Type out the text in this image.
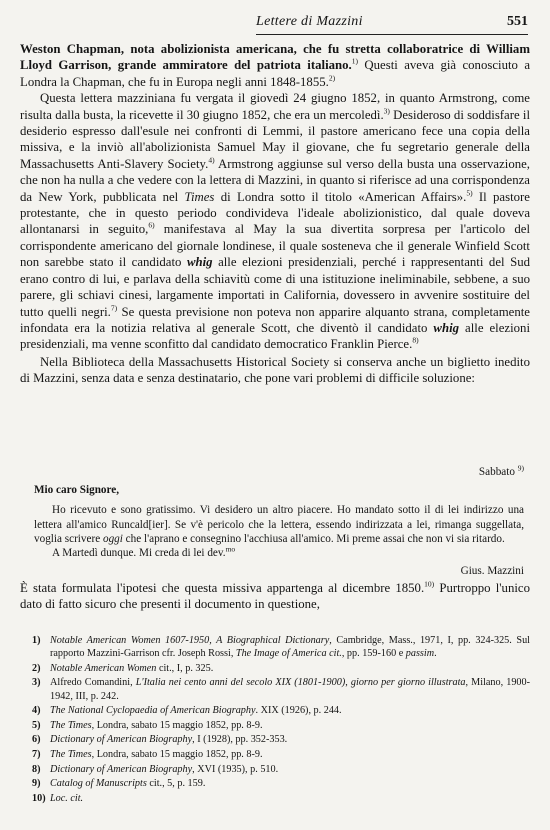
Lettere di Mazzini	551

Weston Chapman, nota abolizionista americana, che fu stretta collaboratrice di William Lloyd Garrison, grande ammiratore del patriota italiano.$^{1)}$ Questi aveva già conosciuto a Londra la Chapman, che fu in Europa negli anni 1848-1855.$^{2)}$

Questa lettera mazziniana fu vergata il giovedì 24 giugno 1852, in quanto Armstrong, come risulta dalla busta, la ricevette il 30 giugno 1852, che era un mercoledì.$^{3)}$ Desideroso di soddisfare il desiderio espresso dall'esule nei confronti di Lemmi, il pastore americano fece una copia della missiva, e la inviò all'abolizionista Samuel May il giovane, che fu segretario generale della Massachusetts Anti-Slavery Society.$^{4)}$ Armstrong aggiunse sul verso della busta una osservazione, che non ha nulla a che vedere con la lettera di Mazzini, in quanto si riferisce ad una corrispondenza da New York, pubblicata nel Times di Londra sotto il titolo «American Affairs».$^{5)}$ Il pastore protestante, che in questo periodo condivideva l'ideale abolizionistico, dal quale doveva allontanarsi in seguito,$^{6)}$ manifestava al May la sua divertita sorpresa per l'articolo del corrispondente americano del giornale londinese, il quale sosteneva che il generale Winfield Scott non sarebbe stato il candidato whig alle elezioni presidenziali, perché i rappresentanti del Sud erano contro di lui, e parlava della schiavitù come di una istituzione ineliminabile, sebbene, a suo parere, gli schiavi cinesi, largamente importati in California, dovessero in avvenire sostituire del tutto quelli negri.$^{7)}$ Se questa previsione non poteva non apparire alquanto strana, completamente infondata era la notizia relativa al generale Scott, che diventò il candidato whig alle elezioni presidenziali, ma venne sconfitto dal candidato democratico Franklin Pierce.$^{8)}$

Nella Biblioteca della Massachusetts Historical Society si conserva anche un biglietto inedito di Mazzini, senza data e senza destinatario, che pone vari problemi di difficile soluzione:

Sabbato $^{9)}$

Mio caro Signore,

Ho ricevuto e sono gratissimo. Vi desidero un altro piacere. Ho mandato sotto il di lei indirizzo una lettera all'amico Runcald[ier]. Se v'è pericolo che la lettera, essendo indirizzata a lei, rimanga suggellata, voglia scrivere oggi che l'aprano e consegnino l'acchiusa all'amico. Mi preme assai che non vi sia ritardo.

A Martedì dunque. Mi creda di lei dev.$^{mo}$

Gius. Mazzini

È stata formulata l'ipotesi che questa missiva appartenga al dicembre 1850.$^{10)}$ Purtroppo l'unico dato di fatto sicuro che presenti il documento in questione,

1) Notable American Women 1607-1950, A Biographical Dictionary, Cambridge, Mass., 1971, I, pp. 324-325. Sul rapporto Mazzini-Garrison cfr. Joseph Rossi, The Image of America cit., pp. 159-160 e passim.

2) Notable American Women cit., I, p. 325.

3) Alfredo Comandini, L'Italia nei cento anni del secolo XIX (1801-1900), giorno per giorno illustrata, Milano, 1900-1942, III, p. 242.

4) The National Cyclopaedia of American Biography. XIX (1926), p. 244.

5) The Times, Londra, sabato 15 maggio 1852, pp. 8-9.

6) Dictionary of American Biography, I (1928), pp. 352-353.

7) The Times, Londra, sabato 15 maggio 1852, pp. 8-9.

8) Dictionary of American Biography, XVI (1935), p. 510.

9) Catalog of Manuscripts cit., 5, p. 159.

10) Loc. cit.
